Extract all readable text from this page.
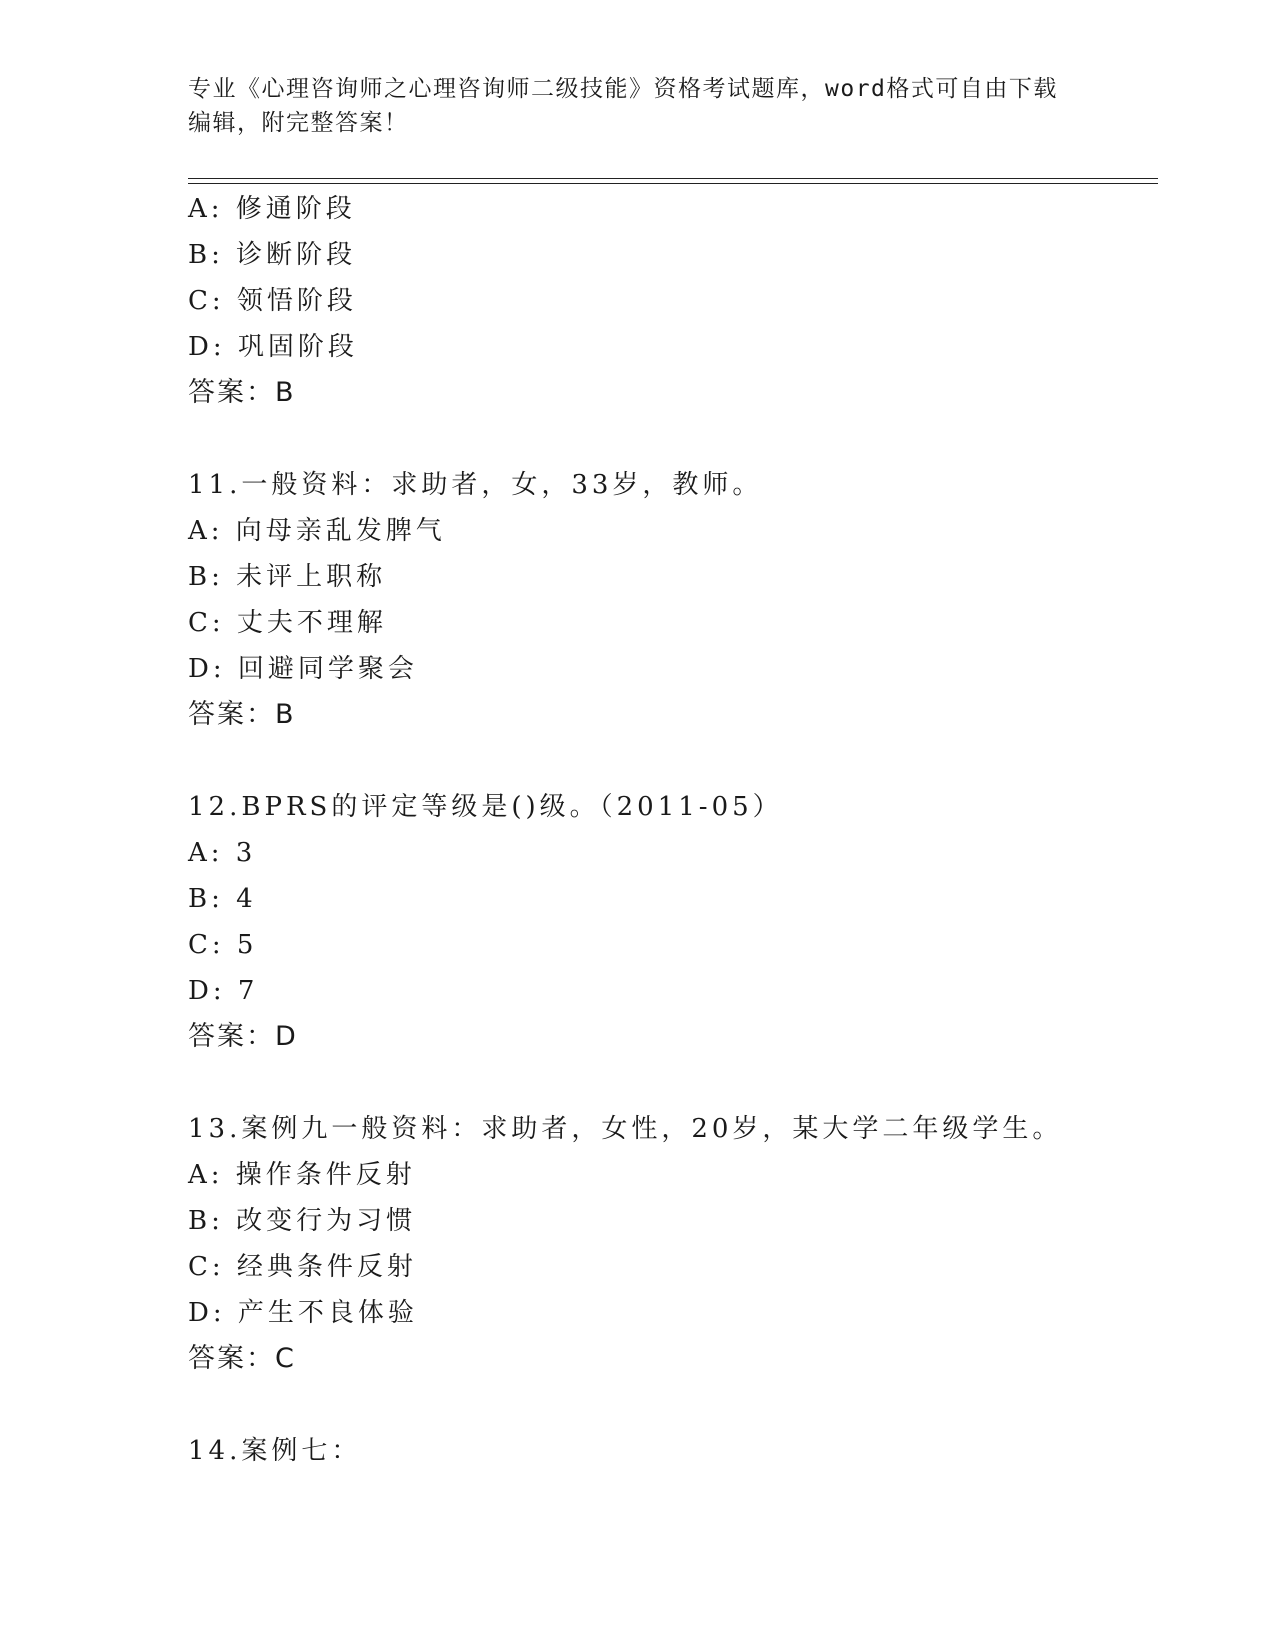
专业《心理咨询师之心理咨询师二级技能》资格考试题库，word格式可自由下载
编辑，附完整答案！
A: 修通阶段
B: 诊断阶段
C: 领悟阶段
D: 巩固阶段
答案：B
11.一般资料：求助者，女，33岁，教师。
A: 向母亲乱发脾气
B: 未评上职称
C: 丈夫不理解
D: 回避同学聚会
答案：B
12.BPRS的评定等级是()级。（2011-05）
A: 3
B: 4
C: 5
D: 7
答案：D
13.案例九一般资料：求助者，女性，20岁，某大学二年级学生。
A: 操作条件反射
B: 改变行为习惯
C: 经典条件反射
D: 产生不良体验
答案：C
14.案例七：
